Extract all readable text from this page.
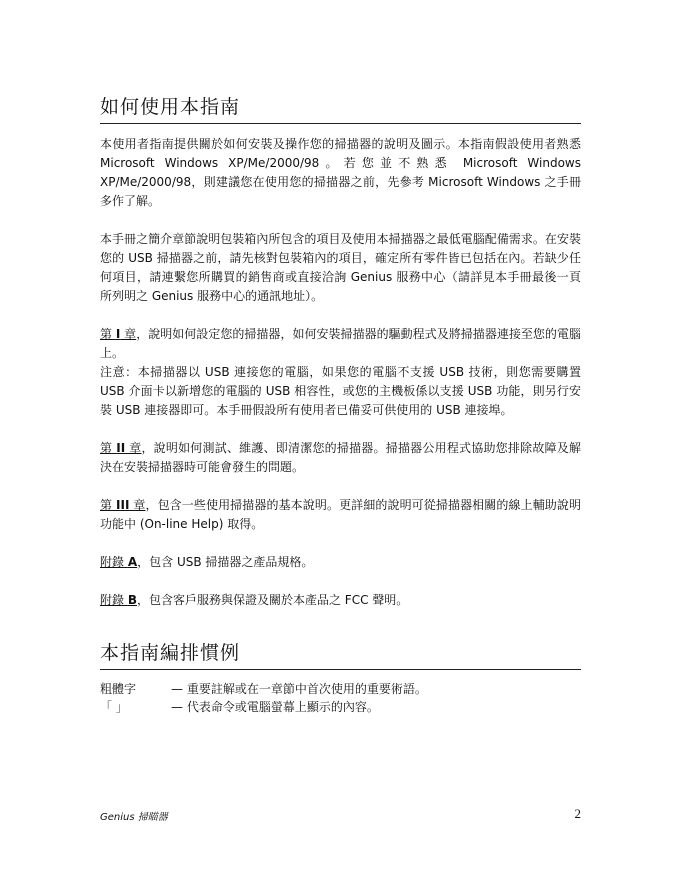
如何使用本指南

本使用者指南提供關於如何安裝及操作您的掃描器的說明及圖示。本指南假設使用者熟悉 Microsoft Windows XP/Me/2000/98。若您並不熟悉 Microsoft Windows XP/Me/2000/98，則建議您在使用您的掃描器之前，先參考 Microsoft Windows 之手冊多作了解。

本手冊之簡介章節說明包裝箱內所包含的項目及使用本掃描器之最低電腦配備需求。在安裝您的 USB 掃描器之前，請先核對包裝箱內的項目，確定所有零件皆已包括在內。若缺少任何項目，請連繫您所購買的銷售商或直接洽詢 Genius 服務中心（請詳見本手冊最後一頁所列明之 Genius 服務中心的通訊地址）。

第 I 章，說明如何設定您的掃描器，如何安裝掃描器的驅動程式及將掃描器連接至您的電腦上。

注意：本掃描器以 USB 連接您的電腦，如果您的電腦不支援 USB 技術，則您需要購置 USB 介面卡以新增您的電腦的 USB 相容性，或您的主機板係以支援 USB 功能，則另行安裝 USB 連接器即可。本手冊假設所有使用者已備妥可供使用的 USB 連接埠。

第 II 章，說明如何測試、維護、即清潔您的掃描器。掃描器公用程式協助您排除故障及解決在安裝掃描器時可能會發生的問題。

第 III 章，包含一些使用掃描器的基本說明。更詳細的說明可從掃描器相關的線上輔助說明功能中 (On-line Help) 取得。

附錄 A，包含 USB 掃描器之產品規格。

附錄 B，包含客戶服務與保證及關於本產品之 FCC 聲明。

本指南編排慣例
粗體字	— 重要註解或在一章節中首次使用的重要術語。
「 」	— 代表命令或電腦螢幕上顯示的內容。
Genius 掃瞄器	2
